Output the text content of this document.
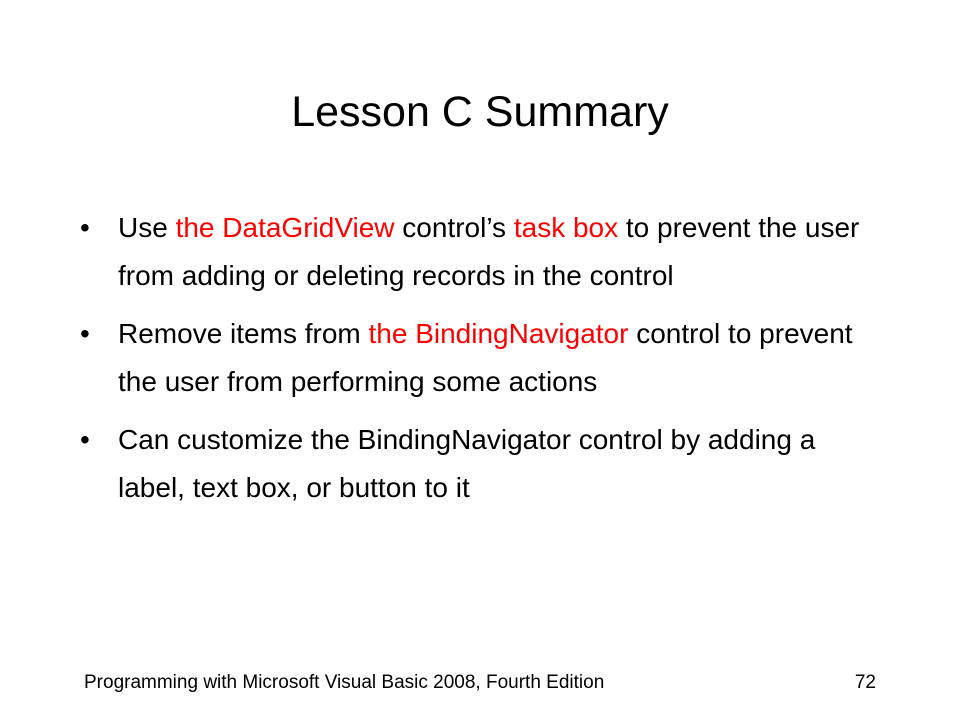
Lesson C Summary
•	Use the DataGridView control’s task box to prevent the user from adding or deleting records in the control
•	Remove items from the BindingNavigator control to prevent the user from performing some actions
•	Can customize the BindingNavigator control by adding a label, text box, or button to it
Programming with Microsoft Visual Basic 2008, Fourth Edition	72
